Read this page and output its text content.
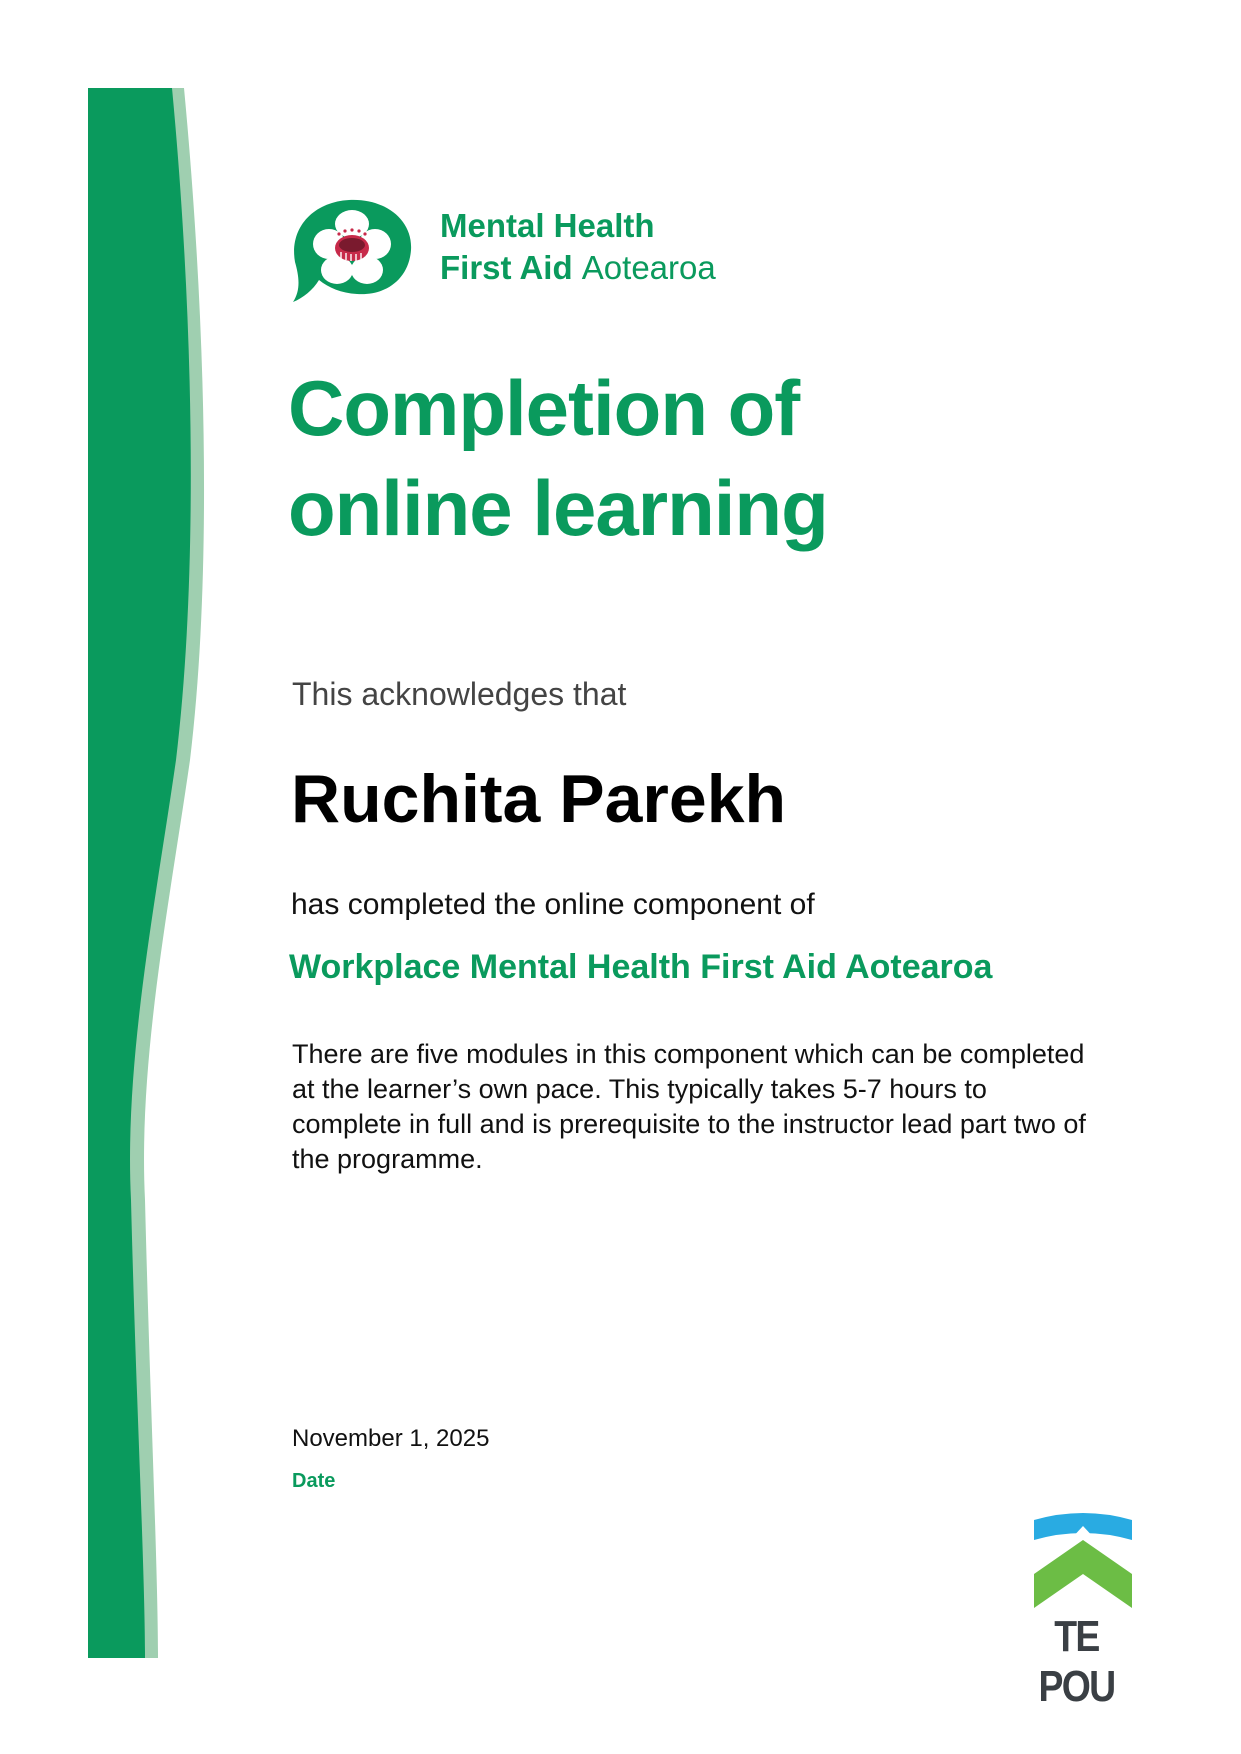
Mental Health
First Aid Aotearoa
Completion of
online learning
This acknowledges that
Ruchita Parekh
has completed the online component of
Workplace Mental Health First Aid Aotearoa
There are five modules in this component which can be completed at the learner’s own pace. This typically takes 5-7 hours to complete in full and is prerequisite to the instructor lead part two of the programme.
November 1, 2025
Date
TE POU
